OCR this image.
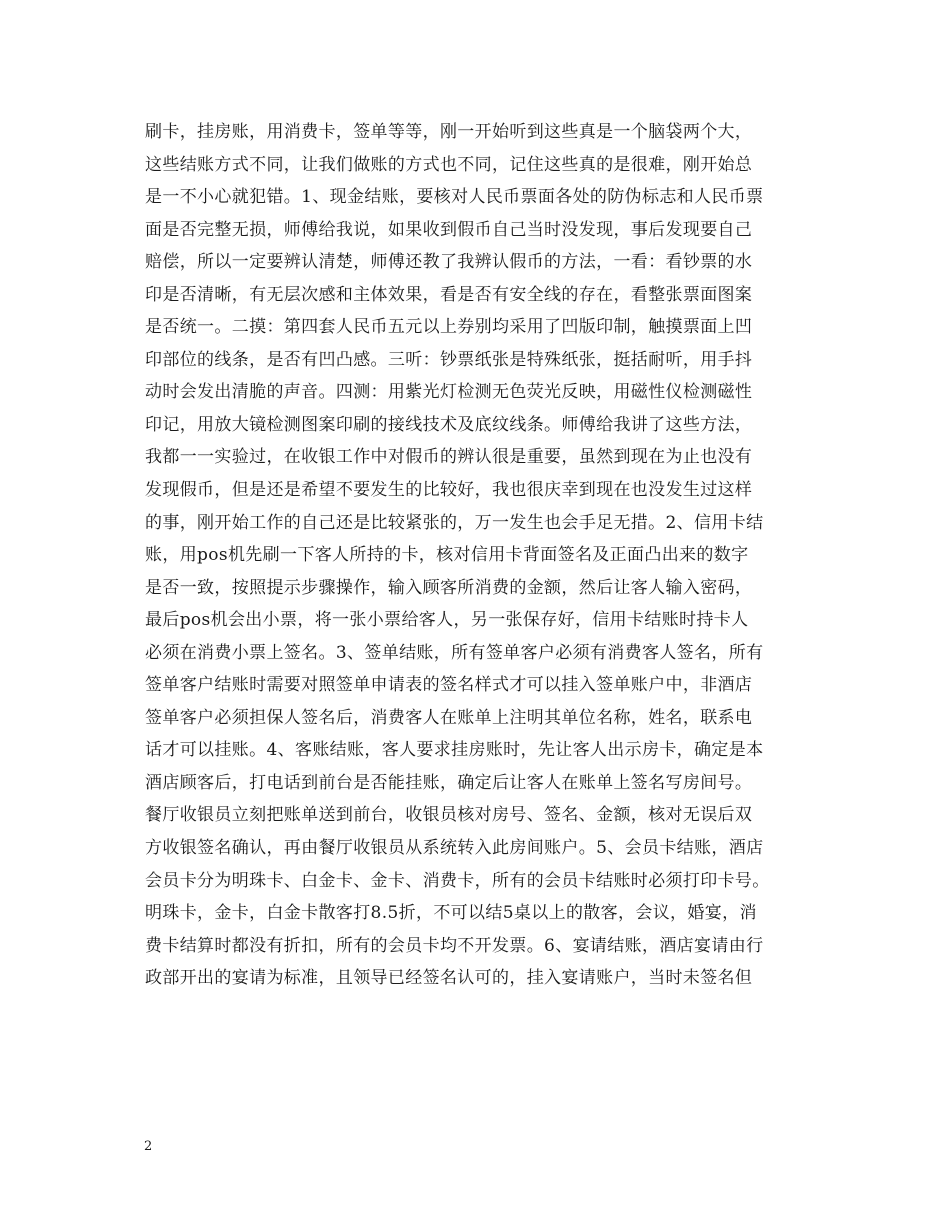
刷卡，挂房账，用消费卡，签单等等，刚一开始听到这些真是一个脑袋两个大，
这些结账方式不同，让我们做账的方式也不同，记住这些真的是很难，刚开始总
是一不小心就犯错。1、现金结账，要核对人民币票面各处的防伪标志和人民币票
面是否完整无损，师傅给我说，如果收到假币自己当时没发现，事后发现要自己
赔偿，所以一定要辨认清楚，师傅还教了我辨认假币的方法，一看：看钞票的水
印是否清晰，有无层次感和主体效果，看是否有安全线的存在，看整张票面图案
是否统一。二摸：第四套人民币五元以上券别均采用了凹版印制，触摸票面上凹
印部位的线条，是否有凹凸感。三听：钞票纸张是特殊纸张，挺括耐听，用手抖
动时会发出清脆的声音。四测：用紫光灯检测无色荧光反映，用磁性仪检测磁性
印记，用放大镜检测图案印刷的接线技术及底纹线条。师傅给我讲了这些方法，
我都一一实验过，在收银工作中对假币的辨认很是重要，虽然到现在为止也没有
发现假币，但是还是希望不要发生的比较好，我也很庆幸到现在也没发生过这样
的事，刚开始工作的自己还是比较紧张的，万一发生也会手足无措。2、信用卡结
账，用pos机先刷一下客人所持的卡，核对信用卡背面签名及正面凸出来的数字
是否一致，按照提示步骤操作，输入顾客所消费的金额，然后让客人输入密码，
最后pos机会出小票，将一张小票给客人，另一张保存好，信用卡结账时持卡人
必须在消费小票上签名。3、签单结账，所有签单客户必须有消费客人签名，所有
签单客户结账时需要对照签单申请表的签名样式才可以挂入签单账户中，非酒店
签单客户必须担保人签名后，消费客人在账单上注明其单位名称，姓名，联系电
话才可以挂账。4、客账结账，客人要求挂房账时，先让客人出示房卡，确定是本
酒店顾客后，打电话到前台是否能挂账，确定后让客人在账单上签名写房间号。
餐厅收银员立刻把账单送到前台，收银员核对房号、签名、金额，核对无误后双
方收银签名确认，再由餐厅收银员从系统转入此房间账户。5、会员卡结账，酒店
会员卡分为明珠卡、白金卡、金卡、消费卡，所有的会员卡结账时必须打印卡号。
明珠卡，金卡，白金卡散客打8.5折，不可以结5桌以上的散客，会议，婚宴，消
费卡结算时都没有折扣，所有的会员卡均不开发票。6、宴请结账，酒店宴请由行
政部开出的宴请为标准，且领导已经签名认可的，挂入宴请账户，当时未签名但
2
